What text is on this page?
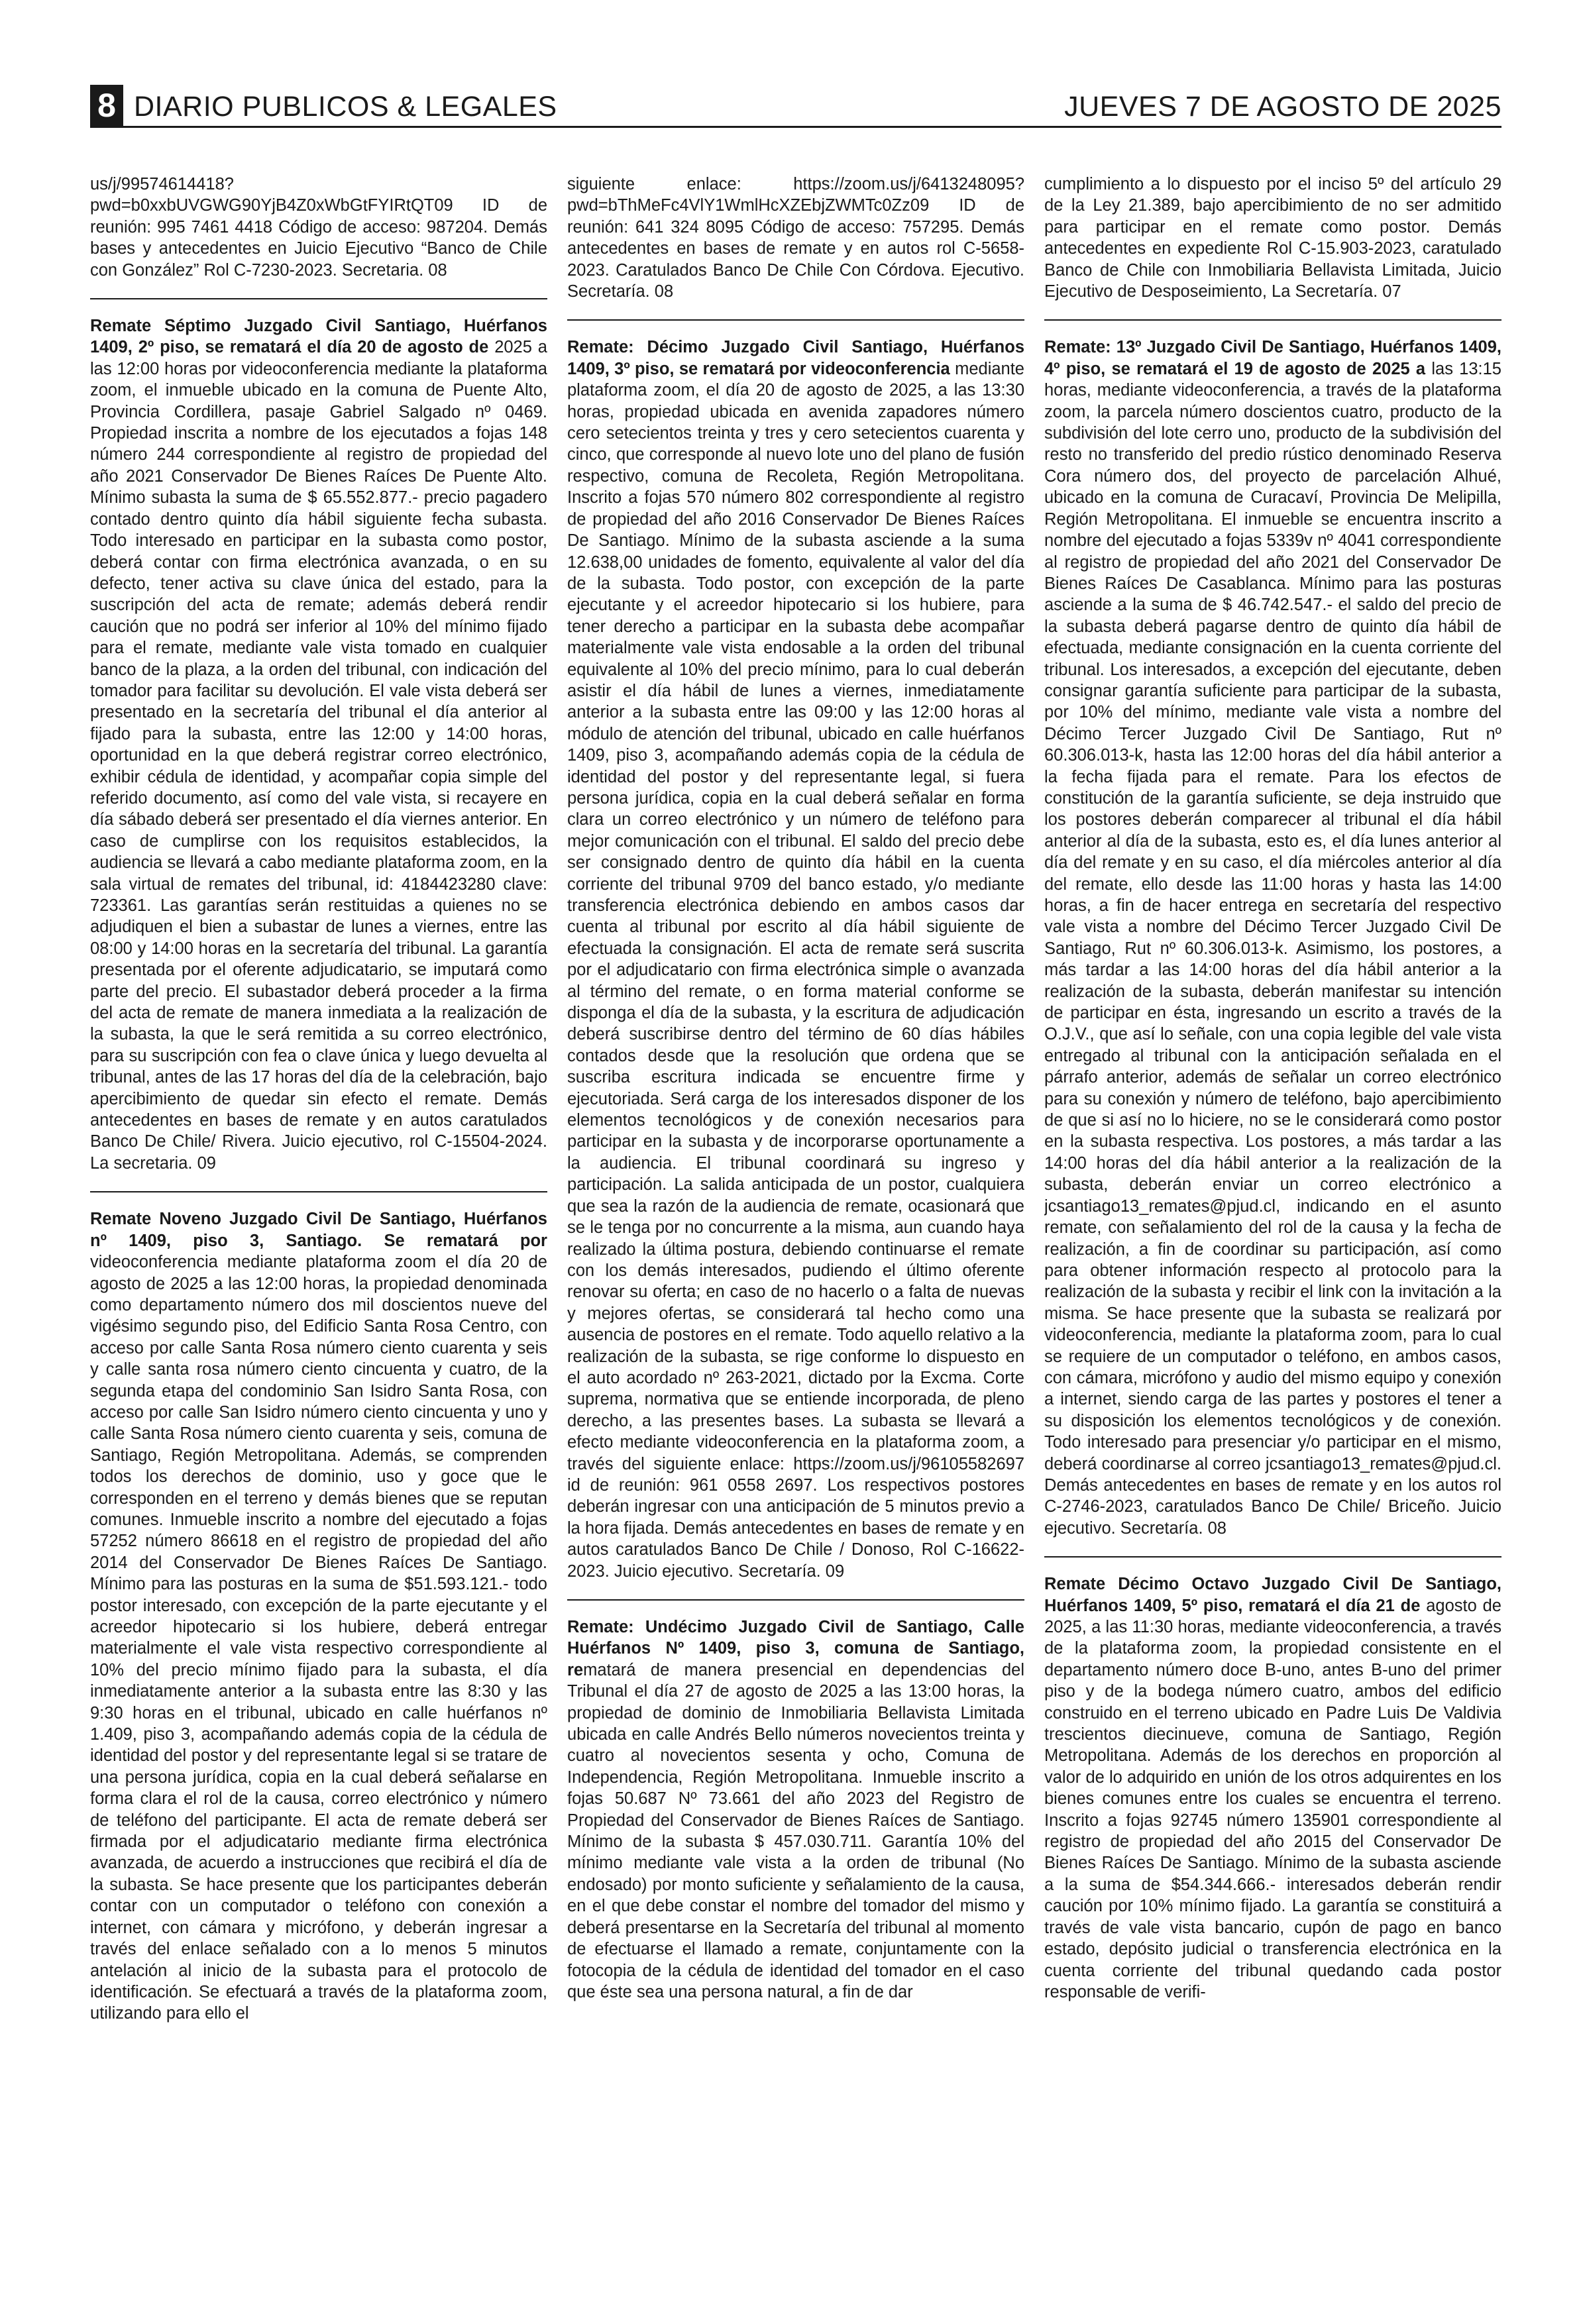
8 DIARIO PUBLICOS & LEGALES	JUEVES 7 DE AGOSTO DE 2025

us/j/99574614418?pwd=b0xxbUVGWG90YjB4Z0xWbGtFYIRtQT09 ID de reunión: 995 7461 4418 Código de acceso: 987204. Demás bases y antecedentes en Juicio Ejecutivo “Banco de Chile con González” Rol C-7230-2023. Secretaria. 08

Remate Séptimo Juzgado Civil Santiago, Huérfanos 1409, 2º piso, se rematará el día 20 de agosto de 2025 a las 12:00 horas por videoconferencia mediante la plataforma zoom, el inmueble ubicado en la comuna de Puente Alto, Provincia Cordillera, pasaje Gabriel Salgado nº 0469. Propiedad inscrita a nombre de los ejecutados a fojas 148 número 244 correspondiente al registro de propiedad del año 2021 Conservador De Bienes Raíces De Puente Alto. Mínimo subasta la suma de $ 65.552.877.- precio pagadero contado dentro quinto día hábil siguiente fecha subasta. Todo interesado en participar en la subasta como postor, deberá contar con firma electrónica avanzada, o en su defecto, tener activa su clave única del estado, para la suscripción del acta de remate; además deberá rendir caución que no podrá ser inferior al 10% del mínimo fijado para el remate, mediante vale vista tomado en cualquier banco de la plaza, a la orden del tribunal, con indicación del tomador para facilitar su devolución. El vale vista deberá ser presentado en la secretaría del tribunal el día anterior al fijado para la subasta, entre las 12:00 y 14:00 horas, oportunidad en la que deberá registrar correo electrónico, exhibir cédula de identidad, y acompañar copia simple del referido documento, así como del vale vista, si recayere en día sábado deberá ser presentado el día viernes anterior. En caso de cumplirse con los requisitos establecidos, la audiencia se llevará a cabo mediante plataforma zoom, en la sala virtual de remates del tribunal, id: 4184423280 clave: 723361. Las garantías serán restituidas a quienes no se adjudiquen el bien a subastar de lunes a viernes, entre las 08:00 y 14:00 horas en la secretaría del tribunal. La garantía presentada por el oferente adjudicatario, se imputará como parte del precio. El subastador deberá proceder a la firma del acta de remate de manera inmediata a la realización de la subasta, la que le será remitida a su correo electrónico, para su suscripción con fea o clave única y luego devuelta al tribunal, antes de las 17 horas del día de la celebración, bajo apercibimiento de quedar sin efecto el remate. Demás antecedentes en bases de remate y en autos caratulados Banco De Chile/ Rivera. Juicio ejecutivo, rol C-15504-2024. La secretaria. 09

Remate Noveno Juzgado Civil De Santiago, Huérfanos nº 1409, piso 3, Santiago. Se rematará por videoconferencia mediante plataforma zoom el día 20 de agosto de 2025 a las 12:00 horas, la propiedad denominada como departamento número dos mil doscientos nueve del vigésimo segundo piso, del Edificio Santa Rosa Centro, con acceso por calle Santa Rosa número ciento cuarenta y seis y calle santa rosa número ciento cincuenta y cuatro, de la segunda etapa del condominio San Isidro Santa Rosa, con acceso por calle San Isidro número ciento cincuenta y uno y calle Santa Rosa número ciento cuarenta y seis, comuna de Santiago, Región Metropolitana. Además, se comprenden todos los derechos de dominio, uso y goce que le corresponden en el terreno y demás bienes que se reputan comunes. Inmueble inscrito a nombre del ejecutado a fojas 57252 número 86618 en el registro de propiedad del año 2014 del Conservador De Bienes Raíces De Santiago. Mínimo para las posturas en la suma de $51.593.121.- todo postor interesado, con excepción de la parte ejecutante y el acreedor hipotecario si los hubiere, deberá entregar materialmente el vale vista respectivo correspondiente al 10% del precio mínimo fijado para la subasta, el día inmediatamente anterior a la subasta entre las 8:30 y las 9:30 horas en el tribunal, ubicado en calle huérfanos nº 1.409, piso 3, acompañando además copia de la cédula de identidad del postor y del representante legal si se tratare de una persona jurídica, copia en la cual deberá señalarse en forma clara el rol de la causa, correo electrónico y número de teléfono del participante. El acta de remate deberá ser firmada por el adjudicatario mediante firma electrónica avanzada, de acuerdo a instrucciones que recibirá el día de la subasta. Se hace presente que los participantes deberán contar con un computador o teléfono con conexión a internet, con cámara y micrófono, y deberán ingresar a través del enlace señalado con a lo menos 5 minutos antelación al inicio de la subasta para el protocolo de identificación. Se efectuará a través de la plataforma zoom, utilizando para ello el

siguiente enlace: https://zoom.us/j/6413248095?pwd=bThMeFc4VlY1WmlHcXZEbjZWMTc0Zz09 ID de reunión: 641 324 8095 Código de acceso: 757295. Demás antecedentes en bases de remate y en autos rol C-5658-2023. Caratulados Banco De Chile Con Córdova. Ejecutivo. Secretaría. 08

Remate: Décimo Juzgado Civil Santiago, Huérfanos 1409, 3º piso, se rematará por videoconferencia mediante plataforma zoom, el día 20 de agosto de 2025, a las 13:30 horas, propiedad ubicada en avenida zapadores número cero setecientos treinta y tres y cero setecientos cuarenta y cinco, que corresponde al nuevo lote uno del plano de fusión respectivo, comuna de Recoleta, Región Metropolitana. Inscrito a fojas 570 número 802 correspondiente al registro de propiedad del año 2016 Conservador De Bienes Raíces De Santiago. Mínimo de la subasta asciende a la suma 12.638,00 unidades de fomento, equivalente al valor del día de la subasta. Todo postor, con excepción de la parte ejecutante y el acreedor hipotecario si los hubiere, para tener derecho a participar en la subasta debe acompañar materialmente vale vista endosable a la orden del tribunal equivalente al 10% del precio mínimo, para lo cual deberán asistir el día hábil de lunes a viernes, inmediatamente anterior a la subasta entre las 09:00 y las 12:00 horas al módulo de atención del tribunal, ubicado en calle huérfanos 1409, piso 3, acompañando además copia de la cédula de identidad del postor y del representante legal, si fuera persona jurídica, copia en la cual deberá señalar en forma clara un correo electrónico y un número de teléfono para mejor comunicación con el tribunal. El saldo del precio debe ser consignado dentro de quinto día hábil en la cuenta corriente del tribunal 9709 del banco estado, y/o mediante transferencia electrónica debiendo en ambos casos dar cuenta al tribunal por escrito al día hábil siguiente de efectuada la consignación. El acta de remate será suscrita por el adjudicatario con firma electrónica simple o avanzada al término del remate, o en forma material conforme se disponga el día de la subasta, y la escritura de adjudicación deberá suscribirse dentro del término de 60 días hábiles contados desde que la resolución que ordena que se suscriba escritura indicada se encuentre firme y ejecutoriada. Será carga de los interesados disponer de los elementos tecnológicos y de conexión necesarios para participar en la subasta y de incorporarse oportunamente a la audiencia. El tribunal coordinará su ingreso y participación. La salida anticipada de un postor, cualquiera que sea la razón de la audiencia de remate, ocasionará que se le tenga por no concurrente a la misma, aun cuando haya realizado la última postura, debiendo continuarse el remate con los demás interesados, pudiendo el último oferente renovar su oferta; en caso de no hacerlo o a falta de nuevas y mejores ofertas, se considerará tal hecho como una ausencia de postores en el remate. Todo aquello relativo a la realización de la subasta, se rige conforme lo dispuesto en el auto acordado nº 263-2021, dictado por la Excma. Corte suprema, normativa que se entiende incorporada, de pleno derecho, a las presentes bases. La subasta se llevará a efecto mediante videoconferencia en la plataforma zoom, a través del siguiente enlace: https://zoom.us/j/96105582697 id de reunión: 961 0558 2697. Los respectivos postores deberán ingresar con una anticipación de 5 minutos previo a la hora fijada. Demás antecedentes en bases de remate y en autos caratulados Banco De Chile / Donoso, Rol C-16622-2023. Juicio ejecutivo. Secretaría. 09

Remate: Undécimo Juzgado Civil de Santiago, Calle Huérfanos Nº 1409, piso 3, comuna de Santiago, rematará de manera presencial en dependencias del Tribunal el día 27 de agosto de 2025 a las 13:00 horas, la propiedad de dominio de Inmobiliaria Bellavista Limitada ubicada en calle Andrés Bello números novecientos treinta y cuatro al novecientos sesenta y ocho, Comuna de Independencia, Región Metropolitana. Inmueble inscrito a fojas 50.687 Nº 73.661 del año 2023 del Registro de Propiedad del Conservador de Bienes Raíces de Santiago. Mínimo de la subasta $ 457.030.711. Garantía 10% del mínimo mediante vale vista a la orden de tribunal (No endosado) por monto suficiente y señalamiento de la causa, en el que debe constar el nombre del tomador del mismo y deberá presentarse en la Secretaría del tribunal al momento de efectuarse el llamado a remate, conjuntamente con la fotocopia de la cédula de identidad del tomador en el caso que éste sea una persona natural, a fin de dar

cumplimiento a lo dispuesto por el inciso 5º del artículo 29 de la Ley 21.389, bajo apercibimiento de no ser admitido para participar en el remate como postor. Demás antecedentes en expediente Rol C-15.903-2023, caratulado Banco de Chile con Inmobiliaria Bellavista Limitada, Juicio Ejecutivo de Desposeimiento, La Secretaría. 07

Remate: 13º Juzgado Civil De Santiago, Huérfanos 1409, 4º piso, se rematará el 19 de agosto de 2025 a las 13:15 horas, mediante videoconferencia, a través de la plataforma zoom, la parcela número doscientos cuatro, producto de la subdivisión del lote cerro uno, producto de la subdivisión del resto no transferido del predio rústico denominado Reserva Cora número dos, del proyecto de parcelación Alhué, ubicado en la comuna de Curacaví, Provincia De Melipilla, Región Metropolitana. El inmueble se encuentra inscrito a nombre del ejecutado a fojas 5339v nº 4041 correspondiente al registro de propiedad del año 2021 del Conservador De Bienes Raíces De Casablanca. Mínimo para las posturas asciende a la suma de $ 46.742.547.- el saldo del precio de la subasta deberá pagarse dentro de quinto día hábil de efectuada, mediante consignación en la cuenta corriente del tribunal. Los interesados, a excepción del ejecutante, deben consignar garantía suficiente para participar de la subasta, por 10% del mínimo, mediante vale vista a nombre del Décimo Tercer Juzgado Civil De Santiago, Rut nº 60.306.013-k, hasta las 12:00 horas del día hábil anterior a la fecha fijada para el remate. Para los efectos de constitución de la garantía suficiente, se deja instruido que los postores deberán comparecer al tribunal el día hábil anterior al día de la subasta, esto es, el día lunes anterior al día del remate y en su caso, el día miércoles anterior al día del remate, ello desde las 11:00 horas y hasta las 14:00 horas, a fin de hacer entrega en secretaría del respectivo vale vista a nombre del Décimo Tercer Juzgado Civil De Santiago, Rut nº 60.306.013-k. Asimismo, los postores, a más tardar a las 14:00 horas del día hábil anterior a la realización de la subasta, deberán manifestar su intención de participar en ésta, ingresando un escrito a través de la O.J.V., que así lo señale, con una copia legible del vale vista entregado al tribunal con la anticipación señalada en el párrafo anterior, además de señalar un correo electrónico para su conexión y número de teléfono, bajo apercibimiento de que si así no lo hiciere, no se le considerará como postor en la subasta respectiva. Los postores, a más tardar a las 14:00 horas del día hábil anterior a la realización de la subasta, deberán enviar un correo electrónico a jcsantiago13_remates@pjud.cl, indicando en el asunto remate, con señalamiento del rol de la causa y la fecha de realización, a fin de coordinar su participación, así como para obtener información respecto al protocolo para la realización de la subasta y recibir el link con la invitación a la misma. Se hace presente que la subasta se realizará por videoconferencia, mediante la plataforma zoom, para lo cual se requiere de un computador o teléfono, en ambos casos, con cámara, micrófono y audio del mismo equipo y conexión a internet, siendo carga de las partes y postores el tener a su disposición los elementos tecnológicos y de conexión. Todo interesado para presenciar y/o participar en el mismo, deberá coordinarse al correo jcsantiago13_remates@pjud.cl. Demás antecedentes en bases de remate y en los autos rol C-2746-2023, caratulados Banco De Chile/ Briceño. Juicio ejecutivo. Secretaría. 08

Remate Décimo Octavo Juzgado Civil De Santiago, Huérfanos 1409, 5º piso, rematará el día 21 de agosto de 2025, a las 11:30 horas, mediante videoconferencia, a través de la plataforma zoom, la propiedad consistente en el departamento número doce B-uno, antes B-uno del primer piso y de la bodega número cuatro, ambos del edificio construido en el terreno ubicado en Padre Luis De Valdivia trescientos diecinueve, comuna de Santiago, Región Metropolitana. Además de los derechos en proporción al valor de lo adquirido en unión de los otros adquirentes en los bienes comunes entre los cuales se encuentra el terreno. Inscrito a fojas 92745 número 135901 correspondiente al registro de propiedad del año 2015 del Conservador De Bienes Raíces De Santiago. Mínimo de la subasta asciende a la suma de $54.344.666.- interesados deberán rendir caución por 10% mínimo fijado. La garantía se constituirá a través de vale vista bancario, cupón de pago en banco estado, depósito judicial o transferencia electrónica en la cuenta corriente del tribunal quedando cada postor responsable de verifi-
